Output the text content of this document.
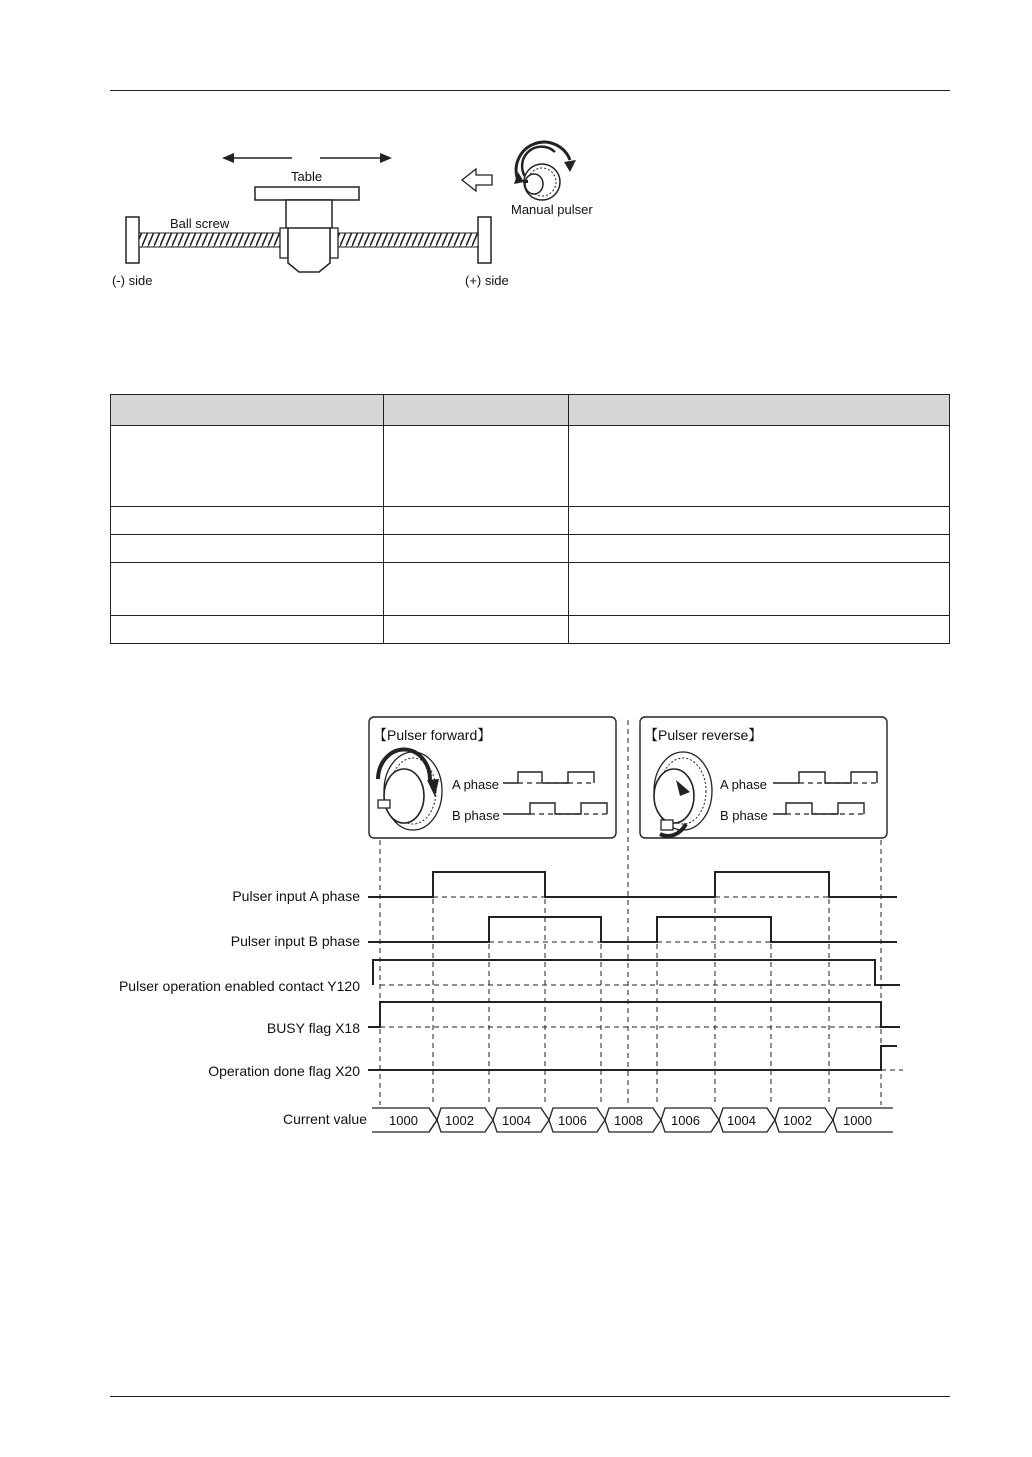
Table
Ball screw
Manual pulser
(-) side	(+) side

【Pulser forward】	【Pulser reverse】
A phase
B phase
A phase
B phase
Pulser input A phase
Pulser input B phase
Pulser operation enabled contact Y120
BUSY flag X18
Operation done flag X20
Current value 1000 1002 1004 1006 1008 1006 1004 1002 1000
